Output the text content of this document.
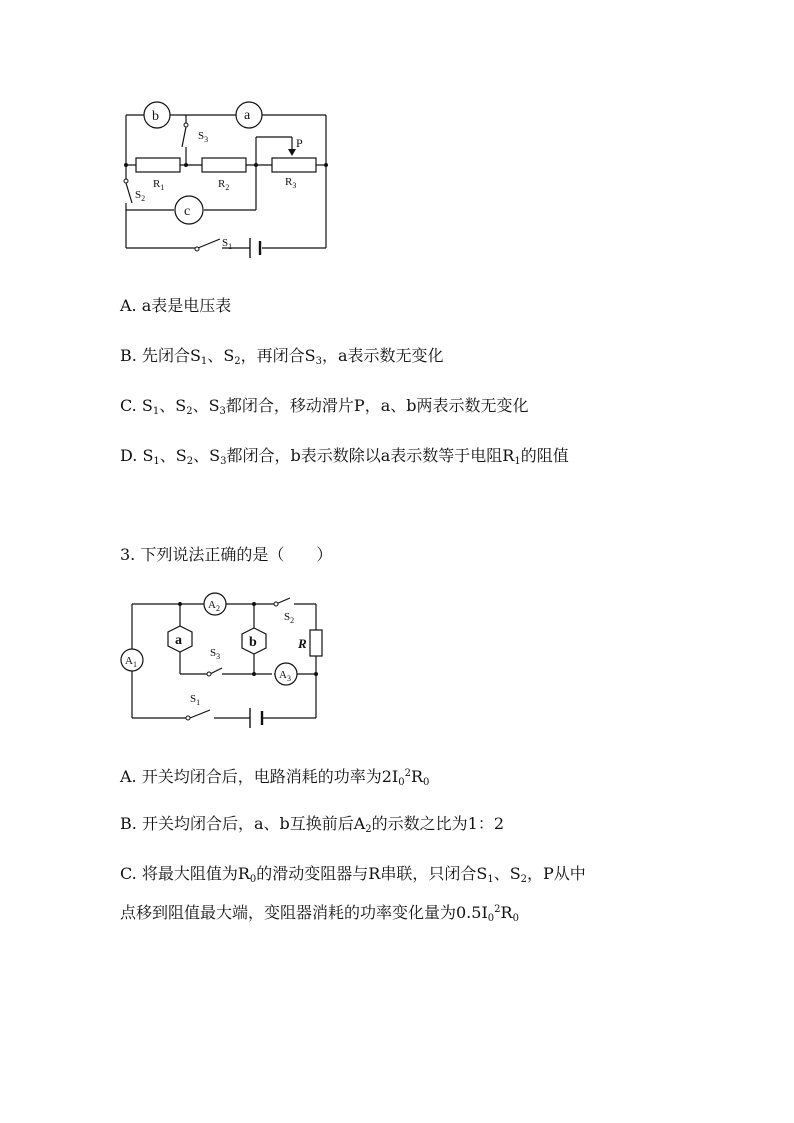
b	a
c
$S_3$
$R_1$	$R_2$	$R_3$
P
$S_2$
$S_1$
A. a表是电压表
B. 先闭合$S_1$、$S_2$，再闭合$S_3$，a表示数无变化
C. $S_1$、$S_2$、$S_3$都闭合，移动滑片P，a、b两表示数无变化
D. $S_1$、$S_2$、$S_3$都闭合，b表示数除以a表示数等于电阻$R_1$的阻值
3. 下列说法正确的是（　　）
a	b
$A_2$
$A_1$
$A_3$
$S_2$
$S_3$
$S_1$
R
A. 开关均闭合后，电路消耗的功率为$2I_0^2R_0$
B. 开关均闭合后，a、b互换前后$A_2$的示数之比为1：2
C. 将最大阻值为$R_0$的滑动变阻器与R串联，只闭合$S_1$、$S_2$，P从中
点移到阻值最大端，变阻器消耗的功率变化量为$0.5I_0^2R_0$
